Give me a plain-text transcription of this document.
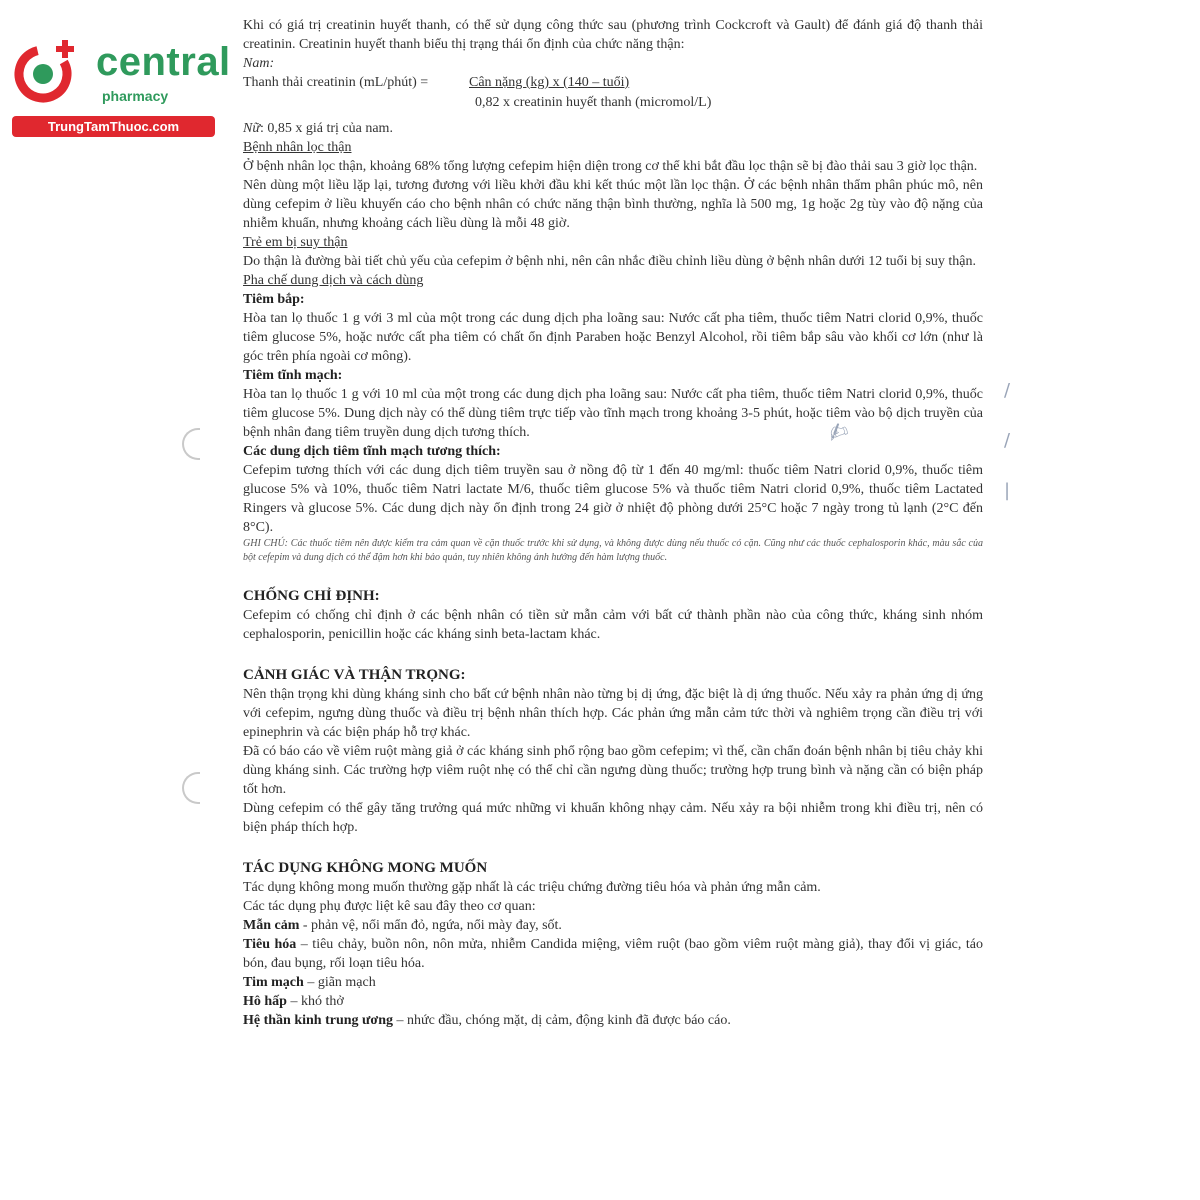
central
pharmacy
TrungTamThuoc.com
✍
/
/
|

Khi có giá trị creatinin huyết thanh, có thể sử dụng công thức sau (phương trình Cockcroft và Gault) để đánh giá độ thanh thải creatinin. Creatinin huyết thanh biểu thị trạng thái ổn định của chức năng thận:

Nam:

Thanh thải creatinin (mL/phút) =	Cân nặng (kg) x (140 – tuổi)
0,82 x creatinin huyết thanh (micromol/L)

Nữ: 0,85 x giá trị của nam.

Bệnh nhân lọc thận

Ở bệnh nhân lọc thận, khoảng 68% tổng lượng cefepim hiện diện trong cơ thể khi bắt đầu lọc thận sẽ bị đào thải sau 3 giờ lọc thận.

Nên dùng một liều lặp lại, tương đương với liều khởi đầu khi kết thúc một lần lọc thận. Ở các bệnh nhân thẩm phân phúc mô, nên dùng cefepim ở liều khuyến cáo cho bệnh nhân có chức năng thận bình thường, nghĩa là 500 mg, 1g hoặc 2g tùy vào độ nặng của nhiễm khuẩn, nhưng khoảng cách liều dùng là mỗi 48 giờ.

Trẻ em bị suy thận

Do thận là đường bài tiết chủ yếu của cefepim ở bệnh nhi, nên cân nhắc điều chỉnh liều dùng ở bệnh nhân dưới 12 tuổi bị suy thận.

Pha chế dung dịch và cách dùng

Tiêm bắp:

Hòa tan lọ thuốc 1 g với 3 ml của một trong các dung dịch pha loãng sau: Nước cất pha tiêm, thuốc tiêm Natri clorid 0,9%, thuốc tiêm glucose 5%, hoặc nước cất pha tiêm có chất ổn định Paraben hoặc Benzyl Alcohol, rồi tiêm bắp sâu vào khối cơ lớn (như là góc trên phía ngoài cơ mông).

Tiêm tĩnh mạch:

Hòa tan lọ thuốc 1 g với 10 ml của một trong các dung dịch pha loãng sau: Nước cất pha tiêm, thuốc tiêm Natri clorid 0,9%, thuốc tiêm glucose 5%. Dung dịch này có thể dùng tiêm trực tiếp vào tĩnh mạch trong khoảng 3-5 phút, hoặc tiêm vào bộ dịch truyền của bệnh nhân đang tiêm truyền dung dịch tương thích.

Các dung dịch tiêm tĩnh mạch tương thích:

Cefepim tương thích với các dung dịch tiêm truyền sau ở nồng độ từ 1 đến 40 mg/ml: thuốc tiêm Natri clorid 0,9%, thuốc tiêm glucose 5% và 10%, thuốc tiêm Natri lactate M/6, thuốc tiêm glucose 5% và thuốc tiêm Natri clorid 0,9%, thuốc tiêm Lactated Ringers và glucose 5%. Các dung dịch này ổn định trong 24 giờ ở nhiệt độ phòng dưới 25°C hoặc 7 ngày trong tủ lạnh (2°C đến 8°C).

GHI CHÚ: Các thuốc tiêm nên được kiểm tra cảm quan về cặn thuốc trước khi sử dụng, và không được dùng nếu thuốc có cặn. Cũng như các thuốc cephalosporin khác, màu sắc của bột cefepim và dung dịch có thể đậm hơn khi bảo quản, tuy nhiên không ảnh hưởng đến hàm lượng thuốc.

CHỐNG CHỈ ĐỊNH:

Cefepim có chống chỉ định ở các bệnh nhân có tiền sử mẫn cảm với bất cứ thành phần nào của công thức, kháng sinh nhóm cephalosporin, penicillin hoặc các kháng sinh beta-lactam khác.

CẢNH GIÁC VÀ THẬN TRỌNG:

Nên thận trọng khi dùng kháng sinh cho bất cứ bệnh nhân nào từng bị dị ứng, đặc biệt là dị ứng thuốc. Nếu xảy ra phản ứng dị ứng với cefepim, ngưng dùng thuốc và điều trị bệnh nhân thích hợp. Các phản ứng mẫn cảm tức thời và nghiêm trọng cần điều trị với epinephrin và các biện pháp hỗ trợ khác.

Đã có báo cáo về viêm ruột màng giả ở các kháng sinh phổ rộng bao gồm cefepim; vì thế, cần chẩn đoán bệnh nhân bị tiêu chảy khi dùng kháng sinh. Các trường hợp viêm ruột nhẹ có thể chỉ cần ngưng dùng thuốc; trường hợp trung bình và nặng cần có biện pháp tốt hơn.

Dùng cefepim có thể gây tăng trưởng quá mức những vi khuẩn không nhạy cảm. Nếu xảy ra bội nhiễm trong khi điều trị, nên có biện pháp thích hợp.

TÁC DỤNG KHÔNG MONG MUỐN

Tác dụng không mong muốn thường gặp nhất là các triệu chứng đường tiêu hóa và phản ứng mẫn cảm.

Các tác dụng phụ được liệt kê sau đây theo cơ quan:

Mẫn cảm - phản vệ, nổi mẩn đỏ, ngứa, nổi mày đay, sốt.

Tiêu hóa – tiêu chảy, buồn nôn, nôn mửa, nhiễm Candida miệng, viêm ruột (bao gồm viêm ruột màng giả), thay đổi vị giác, táo bón, đau bụng, rối loạn tiêu hóa.

Tim mạch – giãn mạch

Hô hấp – khó thở

Hệ thần kinh trung ương – nhức đầu, chóng mặt, dị cảm, động kinh đã được báo cáo.
